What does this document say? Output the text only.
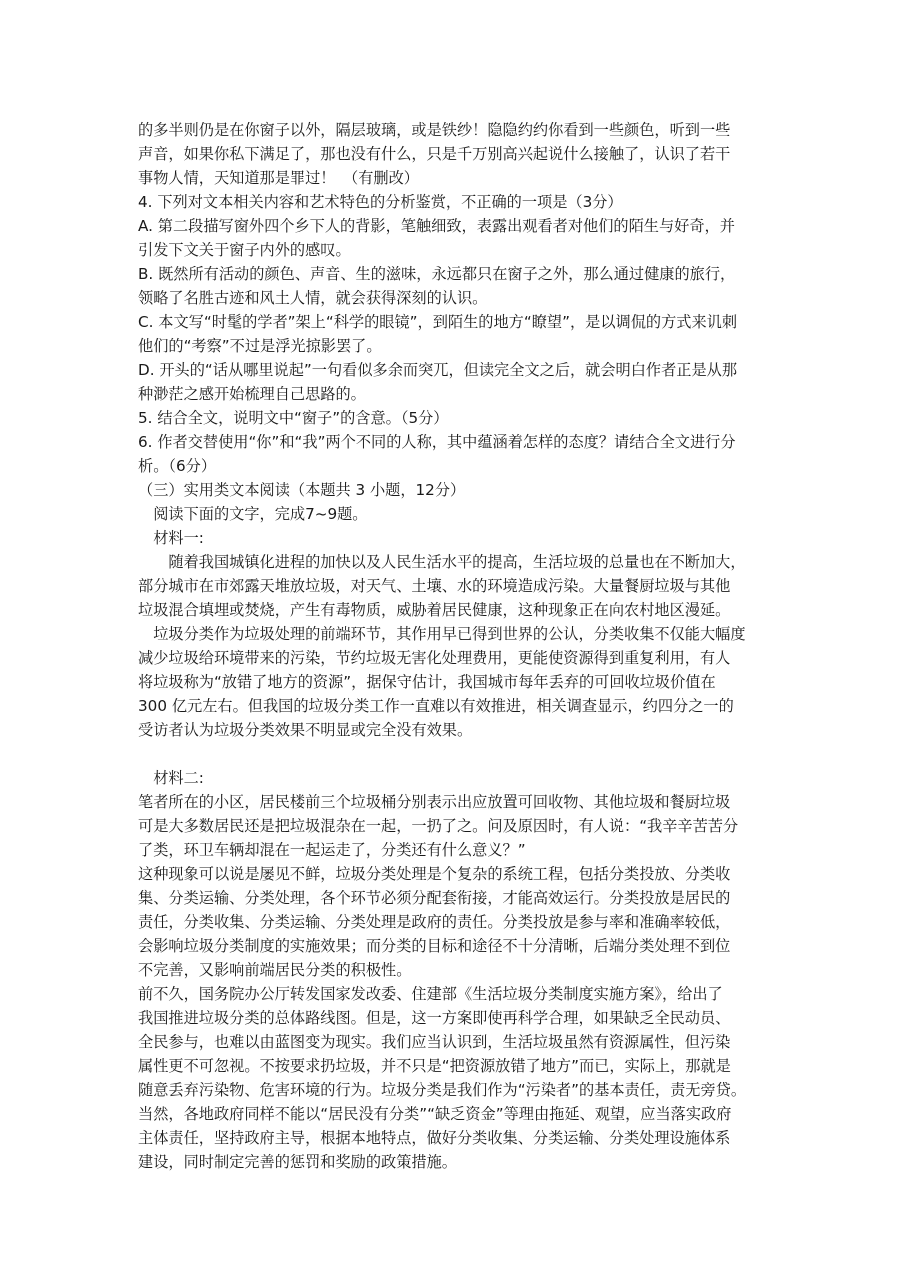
的多半则仍是在你窗子以外，隔层玻璃，或是铁纱！隐隐约约你看到一些颜色，听到一些
声音，如果你私下满足了，那也没有什么，只是千万别高兴起说什么接触了，认识了若干
事物人情，天知道那是罪过！　（有删改）
4. 下列对文本相关内容和艺术特色的分析鉴赏，不正确的一项是（3分）
A. 第二段描写窗外四个乡下人的背影，笔触细致，表露出观看者对他们的陌生与好奇，并
引发下文关于窗子内外的感叹。
B. 既然所有活动的颜色、声音、生的滋味，永远都只在窗子之外，那么通过健康的旅行，
领略了名胜古迹和风土人情，就会获得深刻的认识。
C. 本文写“时髦的学者”架上“科学的眼镜”，到陌生的地方“瞭望”，是以调侃的方式来讥刺
他们的“考察”不过是浮光掠影罢了。
D. 开头的“话从哪里说起”一句看似多余而突兀，但读完全文之后，就会明白作者正是从那
种渺茫之感开始梳理自己思路的。
5. 结合全文，说明文中“窗子”的含意。（5分）
6. 作者交替使用“你”和“我”两个不同的人称，其中蕴涵着怎样的态度？请结合全文进行分
析。（6分）
（三）实用类文本阅读（本题共 3 小题，12分）
　阅读下面的文字，完成7~9题。
　材料一:
　　随着我国城镇化进程的加快以及人民生活水平的提高，生活垃圾的总量也在不断加大，
部分城市在市郊露天堆放垃圾，对天气、土壤、水的环境造成污染。大量餐厨垃圾与其他
垃圾混合填埋或焚烧，产生有毒物质，威胁着居民健康，这种现象正在向农村地区漫延。
　垃圾分类作为垃圾处理的前端环节，其作用早已得到世界的公认，分类收集不仅能大幅度
减少垃圾给环境带来的污染，节约垃圾无害化处理费用，更能使资源得到重复利用，有人
将垃圾称为“放错了地方的资源”，据保守估计，我国城市每年丢弃的可回收垃圾价值在
300 亿元左右。但我国的垃圾分类工作一直难以有效推进，相关调查显示，约四分之一的
受访者认为垃圾分类效果不明显或完全没有效果。
　材料二:
笔者所在的小区，居民楼前三个垃圾桶分别表示出应放置可回收物、其他垃圾和餐厨垃圾
可是大多数居民还是把垃圾混杂在一起，一扔了之。问及原因时，有人说：“我辛辛苦苦分
了类，环卫车辆却混在一起运走了，分类还有什么意义？”
这种现象可以说是屡见不鲜，垃圾分类处理是个复杂的系统工程，包括分类投放、分类收
集、分类运输、分类处理，各个环节必须分配套衔接，才能高效运行。分类投放是居民的
责任，分类收集、分类运输、分类处理是政府的责任。分类投放是参与率和准确率较低，
会影响垃圾分类制度的实施效果；而分类的目标和途径不十分清晰，后端分类处理不到位
不完善，又影响前端居民分类的积极性。
前不久，国务院办公厅转发国家发改委、住建部《生活垃圾分类制度实施方案》，给出了
我国推进垃圾分类的总体路线图。但是，这一方案即使再科学合理，如果缺乏全民动员、
全民参与，也难以由蓝图变为现实。我们应当认识到，生活垃圾虽然有资源属性，但污染
属性更不可忽视。不按要求扔垃圾，并不只是“把资源放错了地方”而已，实际上，那就是
随意丢弃污染物、危害环境的行为。垃圾分类是我们作为“污染者”的基本责任，责无旁贷。
当然，各地政府同样不能以“居民没有分类”“缺乏资金”等理由拖延、观望，应当落实政府
主体责任，坚持政府主导，根据本地特点，做好分类收集、分类运输、分类处理设施体系
建设，同时制定完善的惩罚和奖励的政策措施。
